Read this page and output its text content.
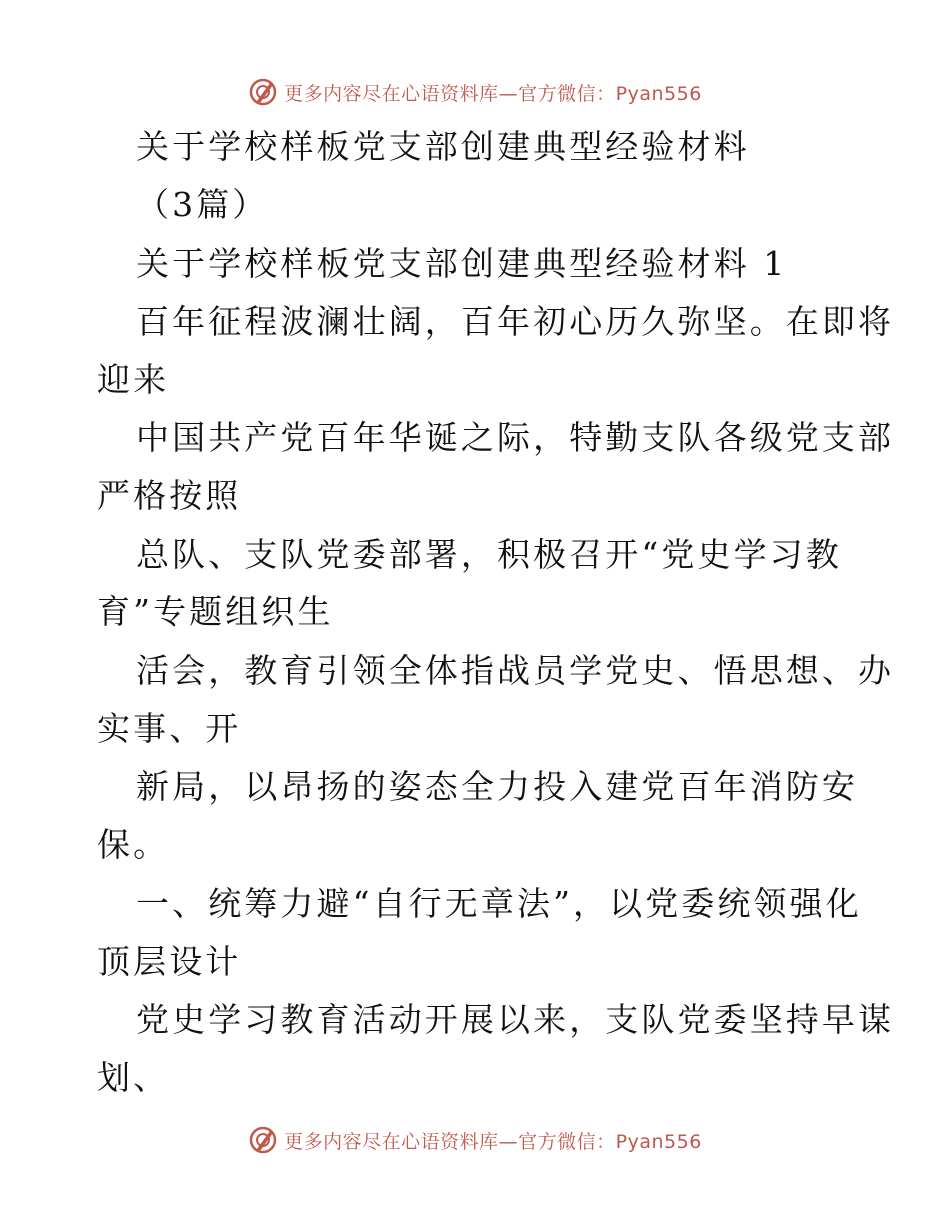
更多内容尽在心语资料库—官方微信：Pyan556
关于学校样板党支部创建典型经验材料
（3篇）
关于学校样板党支部创建典型经验材料 1
百年征程波澜壮阔，百年初心历久弥坚。在即将
迎来
中国共产党百年华诞之际，特勤支队各级党支部
严格按照
总队、支队党委部署，积极召开“党史学习教
育”专题组织生
活会，教育引领全体指战员学党史、悟思想、办
实事、开
新局，以昂扬的姿态全力投入建党百年消防安
保。
一、统筹力避“自行无章法”，以党委统领强化
顶层设计
党史学习教育活动开展以来，支队党委坚持早谋
划、
更多内容尽在心语资料库—官方微信：Pyan556
